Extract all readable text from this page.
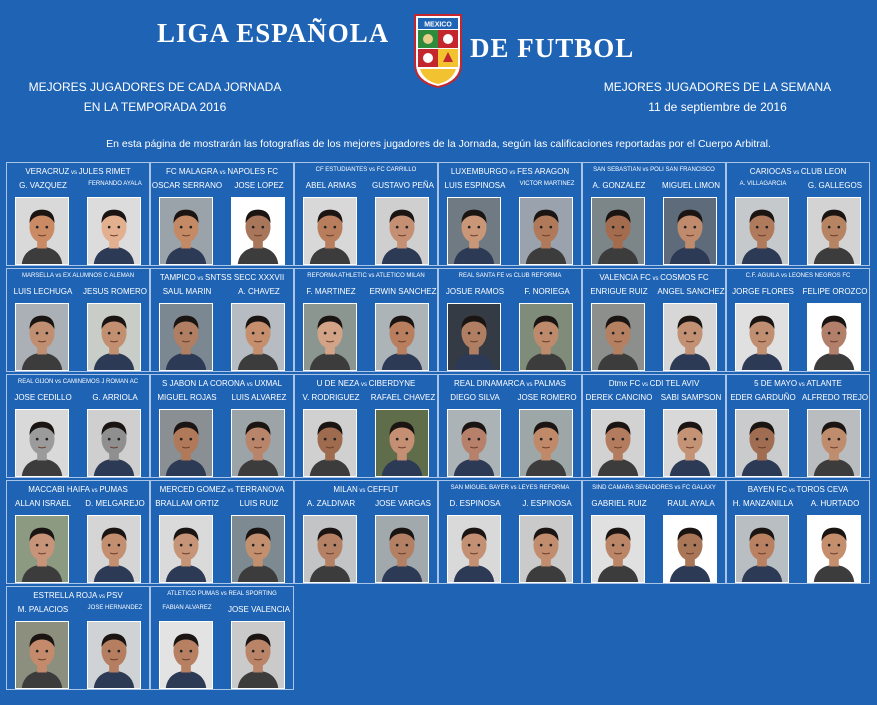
LIGA ESPAÑOLA	MEXICO
DE FUTBOL
MEJORES JUGADORES DE CADA JORNADA
EN LA TEMPORADA 2016
MEJORES JUGADORES DE LA SEMANA
11 de septiembre de 2016
En esta página de mostrarán las fotografías de los mejores jugadores de la Jornada, según las calificaciones reportadas por el Cuerpo Arbitral.
VERACRUZ vs JULES RIMET
G. VAZQUEZ	FERNANDO AYALA
FC MALAGRA vs NAPOLES FC
OSCAR SERRANO	JOSE LOPEZ
CF ESTUDIANTES vs FC CARRILLO
ABEL ARMAS	GUSTAVO PEÑA
LUXEMBURGO vs FES ARAGON
LUIS ESPINOSA	VICTOR MARTINEZ
SAN SEBASTIAN vs POLI SAN FRANCISCO
A. GONZALEZ	MIGUEL LIMON
CARIOCAS vs CLUB LEON
A. VILLAGARCIA	G. GALLEGOS
MARSELLA vs EX ALUMNOS C ALEMAN
LUIS LECHUGA	JESUS ROMERO
TAMPICO vs SNTSS SECC XXXVII
SAUL MARIN	A. CHAVEZ
REFORMA ATHLETIC vs ATLETICO MILAN
F. MARTINEZ	ERWIN SANCHEZ
REAL SANTA FE vs CLUB REFORMA
JOSUE RAMOS	F. NORIEGA
VALENCIA FC vs COSMOS FC
ENRIGUE RUIZ	ANGEL SANCHEZ
C.F. AGUILA vs LEONES NEGROS FC
JORGE FLORES	FELIPE OROZCO
REAL GIJON vs CAMINEMOS J ROMAN AC
JOSE CEDILLO	G. ARRIOLA
S JABON LA CORONA vs UXMAL
MIGUEL ROJAS	LUIS ALVAREZ
U DE NEZA vs CIBERDYNE
V. RODRIGUEZ	RAFAEL CHAVEZ
REAL DINAMARCA vs PALMAS
DIEGO SILVA	JOSE ROMERO
Dtmx FC vs CDI TEL AVIV
DEREK CANCINO	SABI SAMPSON
5 DE MAYO vs ATLANTE
EDER GARDUÑO ALFREDO TREJO
MACCABI HAIFA vs PUMAS
ALLAN ISRAEL	D. MELGAREJO
MERCED GOMEZ vs TERRANOVA
BRALLAM ORTIZ	LUIS RUIZ
MILAN vs CEFFUT
A. ZALDIVAR	JOSE VARGAS
SAN MIGUEL BAYER vs LEYES REFORMA
D. ESPINOSA	J. ESPINOSA
SIND CAMARA SENADORES vs FC GALAXY
GABRIEL RUIZ	RAUL AYALA
BAYEN FC vs TOROS CEVA
H. MANZANILLA	A. HURTADO
ESTRELLA ROJA vs PSV
M. PALACIOS	JOSE HERNANDEZ
ATLETICO PUMAS vs REAL SPORTING
FABIAN ALVAREZ	JOSE VALENCIA
